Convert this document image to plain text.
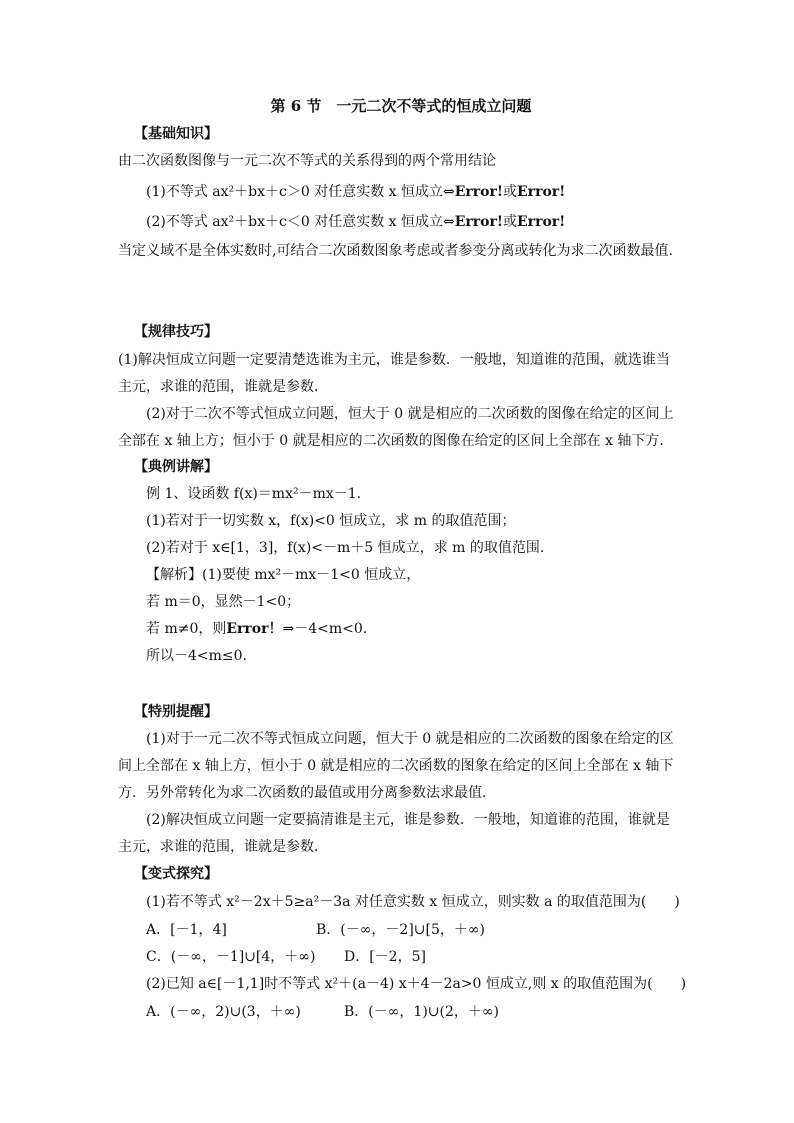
第 6 节　一元二次不等式的恒成立问题
【基础知识】
由二次函数图像与一元二次不等式的关系得到的两个常用结论
(1)不等式 ax²＋bx＋c＞0 对任意实数 x 恒成立⇔Error!或Error!
(2)不等式 ax²＋bx＋c＜0 对任意实数 x 恒成立⇔Error!或Error!
当定义域不是全体实数时,可结合二次函数图象考虑或者参变分离或转化为求二次函数最值.
【规律技巧】
(1)解决恒成立问题一定要清楚选谁为主元，谁是参数．一般地，知道谁的范围，就选谁当
主元，求谁的范围，谁就是参数．
(2)对于二次不等式恒成立问题，恒大于 0 就是相应的二次函数的图像在给定的区间上
全部在 x 轴上方；恒小于 0 就是相应的二次函数的图像在给定的区间上全部在 x 轴下方．
【典例讲解】
例 1、设函数 f(x)＝mx²－mx－1.
(1)若对于一切实数 x，f(x)<0 恒成立，求 m 的取值范围；
(2)若对于 x∈[1，3]，f(x)<－m＋5 恒成立，求 m 的取值范围.
【解析】(1)要使 mx²－mx－1<0 恒成立，
若 m＝0，显然－1<0；
若 m≠0，则Error！⇒－4<m<0.
所以－4<m≤0.
【特别提醒】
(1)对于一元二次不等式恒成立问题，恒大于 0 就是相应的二次函数的图象在给定的区
间上全部在 x 轴上方，恒小于 0 就是相应的二次函数的图象在给定的区间上全部在 x 轴下
方．另外常转化为求二次函数的最值或用分离参数法求最值．
(2)解决恒成立问题一定要搞清谁是主元，谁是参数．一般地，知道谁的范围，谁就是
主元，求谁的范围，谁就是参数．
【变式探究】
(1)若不等式 x²－2x＋5≥a²－3a 对任意实数 x 恒成立，则实数 a 的取值范围为(　　)
A．[－1，4]	B．(－∞，－2]∪[5，＋∞)
C．(－∞，－1]∪[4，＋∞)	D．[－2，5]
(2)已知 a∈[－1,1]时不等式 x²＋(a－4) x＋4－2a>0 恒成立,则 x 的取值范围为(　　)
A．(－∞，2)∪(3，＋∞)	B．(－∞，1)∪(2，＋∞)
